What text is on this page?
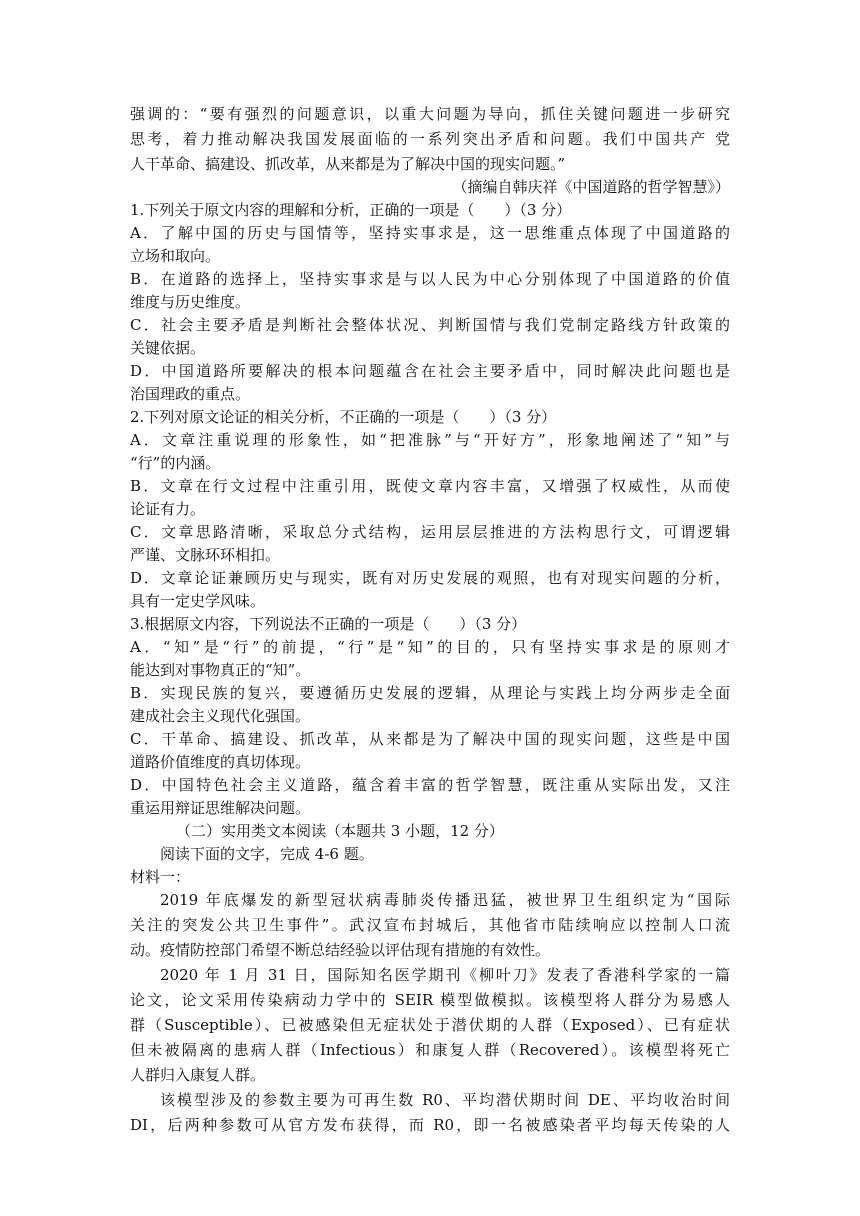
强调的：“要有强烈的问题意识，以重大问题为导向，抓住关键问题进一步研究
思考，着力推动解决我国发展面临的一系列突出矛盾和问题。我们中国共产 党
人干革命、搞建设、抓改革，从来都是为了解决中国的现实问题。”
（摘编自韩庆祥《中国道路的哲学智慧》）
1.下列关于原文内容的理解和分析，正确的一项是（　　）（3 分）
A．了解中国的历史与国情等，坚持实事求是，这一思维重点体现了中国道路的
立场和取向。
B．在道路的选择上，坚持实事求是与以人民为中心分别体现了中国道路的价值
维度与历史维度。
C．社会主要矛盾是判断社会整体状况、判断国情与我们党制定路线方针政策的
关键依据。
D．中国道路所要解决的根本问题蕴含在社会主要矛盾中，同时解决此问题也是
治国理政的重点。
2.下列对原文论证的相关分析，不正确的一项是（　　）（3 分）
A．文章注重说理的形象性，如“把准脉”与“开好方”，形象地阐述了“知”与
“行”的内涵。
B．文章在行文过程中注重引用，既使文章内容丰富，又增强了权威性，从而使
论证有力。
C．文章思路清晰，采取总分式结构，运用层层推进的方法构思行文，可谓逻辑
严谨、文脉环环相扣。
D．文章论证兼顾历史与现实，既有对历史发展的观照，也有对现实问题的分析，
具有一定史学风味。
3.根据原文内容，下列说法不正确的一项是（　　）（3 分）
A．“知”是“行”的前提，“行”是“知”的目的，只有坚持实事求是的原则才
能达到对事物真正的“知”。
B．实现民族的复兴，要遵循历史发展的逻辑，从理论与实践上均分两步走全面
建成社会主义现代化强国。
C．干革命、搞建设、抓改革，从来都是为了解决中国的现实问题，这些是中国
道路价值维度的真切体现。
D．中国特色社会主义道路，蕴含着丰富的哲学智慧，既注重从实际出发，又注
重运用辩证思维解决问题。
（二）实用类文本阅读（本题共 3 小题，12 分）
阅读下面的文字，完成 4-6 题。
材料一：
2019 年底爆发的新型冠状病毒肺炎传播迅猛，被世界卫生组织定为“国际
关注的突发公共卫生事件”。武汉宣布封城后，其他省市陆续响应以控制人口流
动。疫情防控部门希望不断总结经验以评估现有措施的有效性。
2020 年 1 月 31 日，国际知名医学期刊《柳叶刀》发表了香港科学家的一篇
论文，论文采用传染病动力学中的 SEIR 模型做模拟。该模型将人群分为易感人
群（Susceptible）、已被感染但无症状处于潜伏期的人群（Exposed）、已有症状
但未被隔离的患病人群（Infectious）和康复人群（Recovered）。该模型将死亡
人群归入康复人群。
该模型涉及的参数主要为可再生数 R0、平均潜伏期时间 DE、平均收治时间
DI，后两种参数可从官方发布获得，而 R0，即一名被感染者平均每天传染的人
